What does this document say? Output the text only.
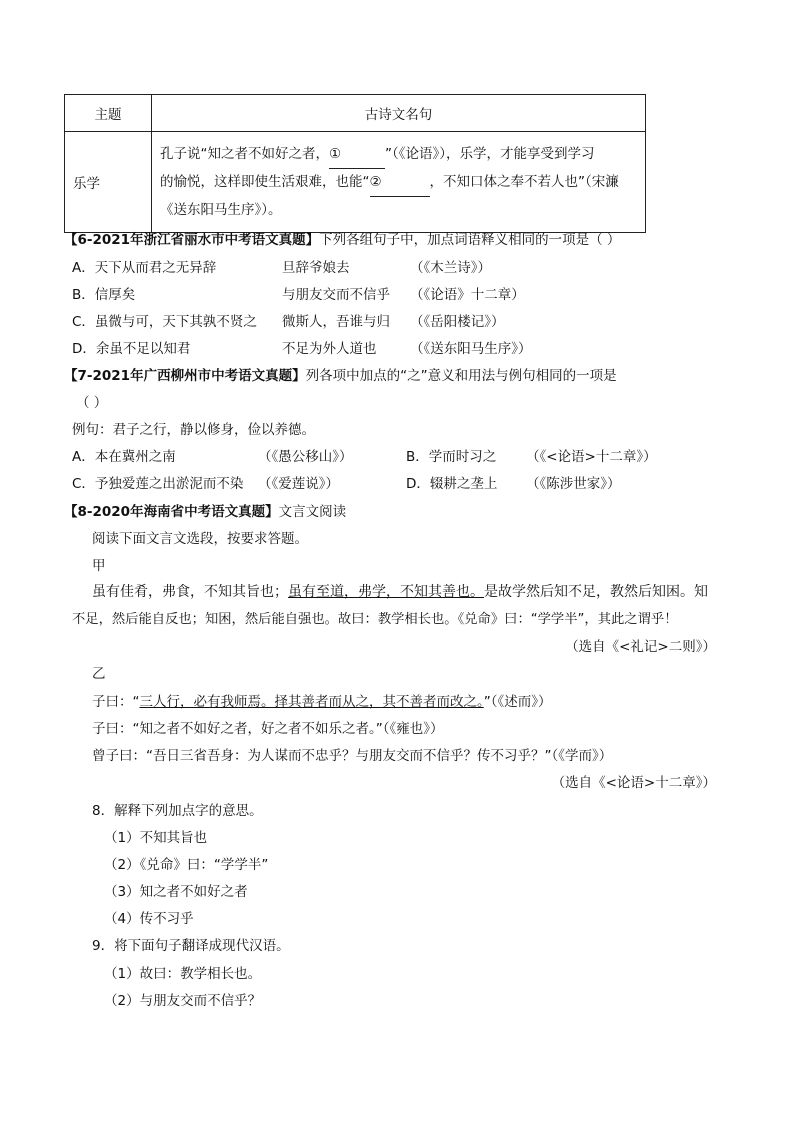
主题	古诗文名句
乐学	孔子说“知之者不如好之者，① ”（《论语》），乐学，才能享受到学习
的愉悦，这样即使生活艰难，也能“② ，不知口体之奉不若人也”（宋濂
《送东阳马生序》）。
【6-2021年浙江省丽水市中考语文真题】下列各组句子中，加点词语释义相同的一项是（ ）
A．天下从而君之无异辞	旦辞爷娘去	（《木兰诗》）
B．信厚矣	与朋友交而不信乎 （《论语》十二章）
C．虽微与可，天下其孰不贤之 微斯人，吾谁与归 （《岳阳楼记》）
D．余虽不足以知君	不足为外人道也 （《送东阳马生序》）
【7-2021年广西柳州市中考语文真题】列各项中加点的“之”意义和用法与例句相同的一项是
（ ）
例句：君子之行，静以修身，俭以养德。
A．本在冀州之南	（《愚公移山》）	B．学而时习之 （《<论语>十二章》）
C．予独爱莲之出淤泥而不染 （《爱莲说》）	D．辍耕之垄上 （《陈涉世家》）
【8-2020年海南省中考语文真题】文言文阅读
阅读下面文言文选段，按要求答题。
甲
虽有佳肴，弗食，不知其旨也；虽有至道，弗学，不知其善也。是故学然后知不足，教然后知困。知
不足，然后能自反也；知困，然后能自强也。故曰：教学相长也。《兑命》曰：“学学半”，其此之谓乎！
（选自《<礼记>二则》）
乙
子曰：“三人行，必有我师焉。择其善者而从之，其不善者而改之。”（《述而》）
子曰：“知之者不如好之者，好之者不如乐之者。”（《雍也》）
曾子曰：“吾日三省吾身：为人谋而不忠乎？与朋友交而不信乎？传不习乎？”（《学而》）
（选自《<论语>十二章》）
8．解释下列加点字的意思。
（1）不知其旨也
（2）《兑命》曰：“学学半”
（3）知之者不如好之者
（4）传不习乎
9．将下面句子翻译成现代汉语。
（1）故曰：教学相长也。
（2）与朋友交而不信乎？
